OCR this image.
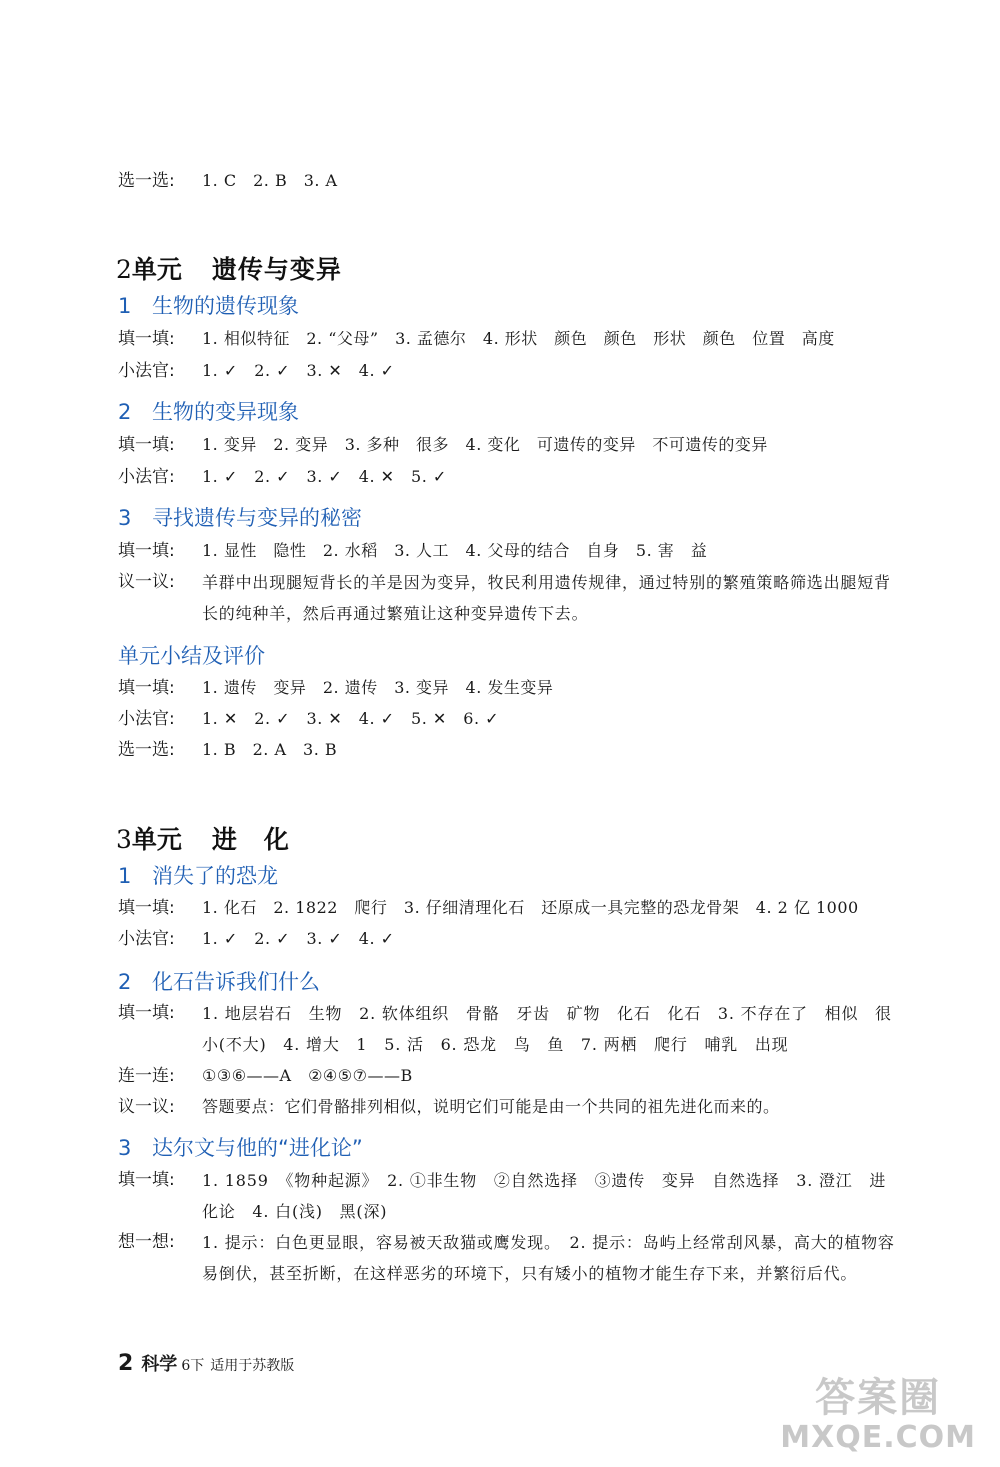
选一选:	1. C　2. B　3. A
2单元 遗传与变异
1 生物的遗传现象
填一填:	1. 相似特征　2. “父母”　3. 孟德尔　4. 形状　颜色　颜色　形状　颜色　位置　高度
小法官:	1. ✓　2. ✓　3. ✕　4. ✓
2 生物的变异现象
填一填:	1. 变异　2. 变异　3. 多种　很多　4. 变化　可遗传的变异　不可遗传的变异
小法官:	1. ✓　2. ✓　3. ✓　4. ✕　5. ✓
3 寻找遗传与变异的秘密
填一填:	1. 显性　隐性　2. 水稻　3. 人工　4. 父母的结合　自身　5. 害　益
议一议:	羊群中出现腿短背长的羊是因为变异，牧民利用遗传规律，通过特别的繁殖策略筛选出腿短背长的纯种羊，然后再通过繁殖让这种变异遗传下去。
单元小结及评价
填一填:	1. 遗传　变异　2. 遗传　3. 变异　4. 发生变异
小法官:	1. ✕　2. ✓　3. ✕　4. ✓　5. ✕　6. ✓
选一选:	1. B　2. A　3. B
3单元 进　化
1 消失了的恐龙
填一填:	1. 化石　2. 1822　爬行　3. 仔细清理化石　还原成一具完整的恐龙骨架　4. 2 亿 1000
小法官:	1. ✓　2. ✓　3. ✓　4. ✓
2 化石告诉我们什么
填一填:	1. 地层岩石　生物　2. 软体组织　骨骼　牙齿　矿物　化石　化石　3. 不存在了　相似　很小(不大)　4. 增大　1　5. 活　6. 恐龙　鸟　鱼　7. 两栖　爬行　哺乳　出现
连一连:	①③⑥——A　②④⑤⑦——B
议一议:	答题要点：它们骨骼排列相似，说明它们可能是由一个共同的祖先进化而来的。
3 达尔文与他的“进化论”
填一填:	1. 1859　《物种起源》　2. ①非生物　②自然选择　③遗传　变异　自然选择　3. 澄江　进化论　4. 白(浅)　黑(深)
想一想:	1. 提示：白色更显眼，容易被天敌猫或鹰发现。　2. 提示：岛屿上经常刮风暴，高大的植物容易倒伏，甚至折断，在这样恶劣的环境下，只有矮小的植物才能生存下来，并繁衍后代。
2 科学 6下 适用于苏教版
答案圈
MXQE.COM
